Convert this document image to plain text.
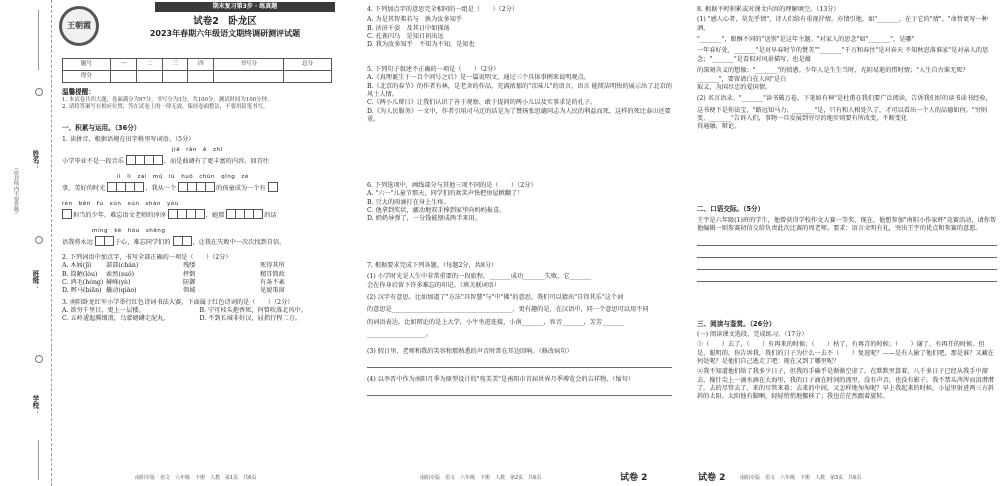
姓名：
（密封线内不要答题）
班级：
学校：
期末复习第3步 · 练真题
王朝霞	试卷2　卧龙区
2023年春期六年级语文期终调研测评试题
题号	一	二	三	四	书写分	总分
得分						
温馨提醒：
1. 本试卷共四大题，卷面满分为97分，书写分为3分，共100分，测试时间为100分钟。
2. 请将答案写在相应位置，答在试卷上的一律无效。保持卷面整洁，不要用铅笔书写。
一、积累与运用。（36分）
1. 读拼音，根据语境在田字格里写词语。（5分）
jiā　rǎn　ě　zhī
小学毕业不是一段音乐	，而是曲调有了更丰富的内容。回首往
lì　lì　zài　mù　lú　huǒ　chún　qīng　zé
事，美好的时光	，我从一个	的孩童成为一个有
rèn　bēn　fú　xún　xún　shàn　yòu
担当的少年。难忘语文老师的谆谆	，她那	的话
míng　kè　hòu　shēng
语我将永远	于心，难忘同学们的	，让我在失败中一次次找到自信。
2. 下列词语中加点字，书写全部正确的一项是（　　）（2分）
A. 木屐(jī)	部部(chán)	残缕	死得其所
B. 筒陋(lòu)	索然(suǒ)	抨倒	精耳简政
C. 鸿毛(hóng) 赫峰(yè)	防御	有条不紊
D. 辫马(biān) 撬动(qiào)	领域	见貌策窗
3. 南阳卧龙红军小学举行红色诗词书法大赛，下面属于红色诗词的是（　　）（2分）
A. 欲穷千里目，更上一层楼。	B. 宁可枝头抱香死，何曾吹落北风中。
C. 五岭逶迤腾细浪，乌蒙磅礴走泥丸。	D. 不到长城非好汉，屈指行程二万。
南阳专版　语文　六年级　下册　人教　第1页　共6页
4. 下列加点字的意思完全相同的一组是（　　）（2分）
A. 为是其智弗若与　孰为汝多知乎
B. 济济千姿　及其日中如探汤
C. 孔雀闪乌　是知日初出远
D. 我为汝多知乎　不知为不知，是知也
5. 下列句子叙述不正确的一项是（　　）（2分）
A.《真理诞生于一百个问号之后》是一篇说明文，通过三个具体事例来说明观点。
B.《北京的春节》的作者有林，是老舍的作品，充满浓郁的"京味儿"的语言，语言 能简洁明快的展示出了北京的风土人情。
C.《两小儿辩日》让我们认识了善于观察、敢于提问的两小儿以及实事求是的孔子。
D.《为人民服务》一文中，作者引用司马迁的话是为了赞扬张思德同志为人民的利益而死，这样的死比泰山还要重。
6. 下列选项中，画线部分与其他三项不同的是（　　）（2分）
A. "六一"儿童节那天，同学们的欢笑声快把房屋掀翻了！
B. 豆大的雨滴打在身上生疼。
C. 他拿到奖状，激动地双手捧到家里向妈妈报喜。
D. 奶奶导弹了，一分钱能掰成两半来用。
7. 根据要求完成下列各题。（每题2分，共8分）
(1) 小学时光是人生中非常重要的一段旅程，_______成功_______失败，它_______
会在你身后留下许多难忘的印记。（填关联词语）
(2) 汉字有意思。比如加道了"方法"具智慧"与"中"佛"的意思，我们可以猜出"自得其乐"这个词
的意思是_______________________________________。更有趣的是，在汉语中，同一个意思可以用不同
的词语表达。比如辩论的是上大学，小牛坐进连接，小南_______，容音_______，芳芳_______
___________________。
(3) 假日里，老师和我的笑容和那熟悉的声音时常在耳边回响。（修改病句）
(4) 以李晋中作为南阳月季为原型设计的"宛美美"是南阳市首届世界月季博览会的吉祥物。（缩句）
南阳专版　语文　六年级　下册　人教　第2页　共6页	试卷 2
8. 根据平时积累或对课文内容的理解填空。（13分）
(1) "感人心者，莫先乎情"，诗人们给有重视抒情。亦情引地，如"_______，在于它的"情"。"命哲更写一种酒，
"_______"，眼酥不同的"送别"是这年主题。"对家人的思念"如"_______"，是哪"
一年春好处，_______"是对早春时节的赞美""_______"千万和春住"是对春天 不知秋思落谁家"是对亲人的思念；"_______"是看似对风景描写，也是蕴
的深刻含义的想像；"_______"的愤懑。少年人是生生当时，光阴易逝的惜时情；"人生自古谁无死？_______"，要留请白在人间"是白
取义，为国尽忠的爱国情。
(2) 名言语录。"_______"读书破万卷，下笔如有神"是杜甫在我们要广泛阅读，告诉我们好的读书读书经验，
这书便下是你法宝，"路远知马力，_______"是，只有和人相处久了，才可以看出一个人的品德如何。"穷则变，_______"告诉人们，事物一旦发展到穷尽的地步则要有所改变，不断变化
得通融，辩论。
二、口语交际。（5分）
王宇是六年级(1)班的学生，他曾获得学校作文大赛一等奖，现在，他想参加"南阳小作家杯"竞赛活动，请你帮他编辑一则参赛初信交给负责此次比赛的周老师。要求：语言文明有礼，突出王宇的优点和参赛的意愿。
三、阅读与鉴赏。（26分）
(一) 阅读课文选段，完成练习。（17分）
①（　　）去了，（　　）有再来的时候；（　　）枯了，有再青的时候；（　　）谢了，有再开的时候。但是，聪明的，你告诉我，我们的日子为什么一去不（　　）复返呢？——是有人偷了他们吧，那是谁？又藏在何处呢？是他们自己逃走了吧：现在又到了哪里呢？
②我不知道他们给了我多少日子，但我的手确乎是渐渐空虚了。在默默里算着，八千多日子已经从我手中溜去，像针尖上一滴水滴在大海里，我的日子滴在时间的流里，没有声音，也没有影子。我不禁头涔涔而泪潸潸了。去的尽管去了，来的尽管来着；去来的中间，又怎样地匆匆呢？早上我起来的时候，小屋里射进两三方斜斜的太阳。太阳他有脚啊，轻轻悄悄地挪移了；我也茫茫然跟着旋转。
试卷 2	南阳专版　语文　六年级　下册　人教　第3页　共6页
